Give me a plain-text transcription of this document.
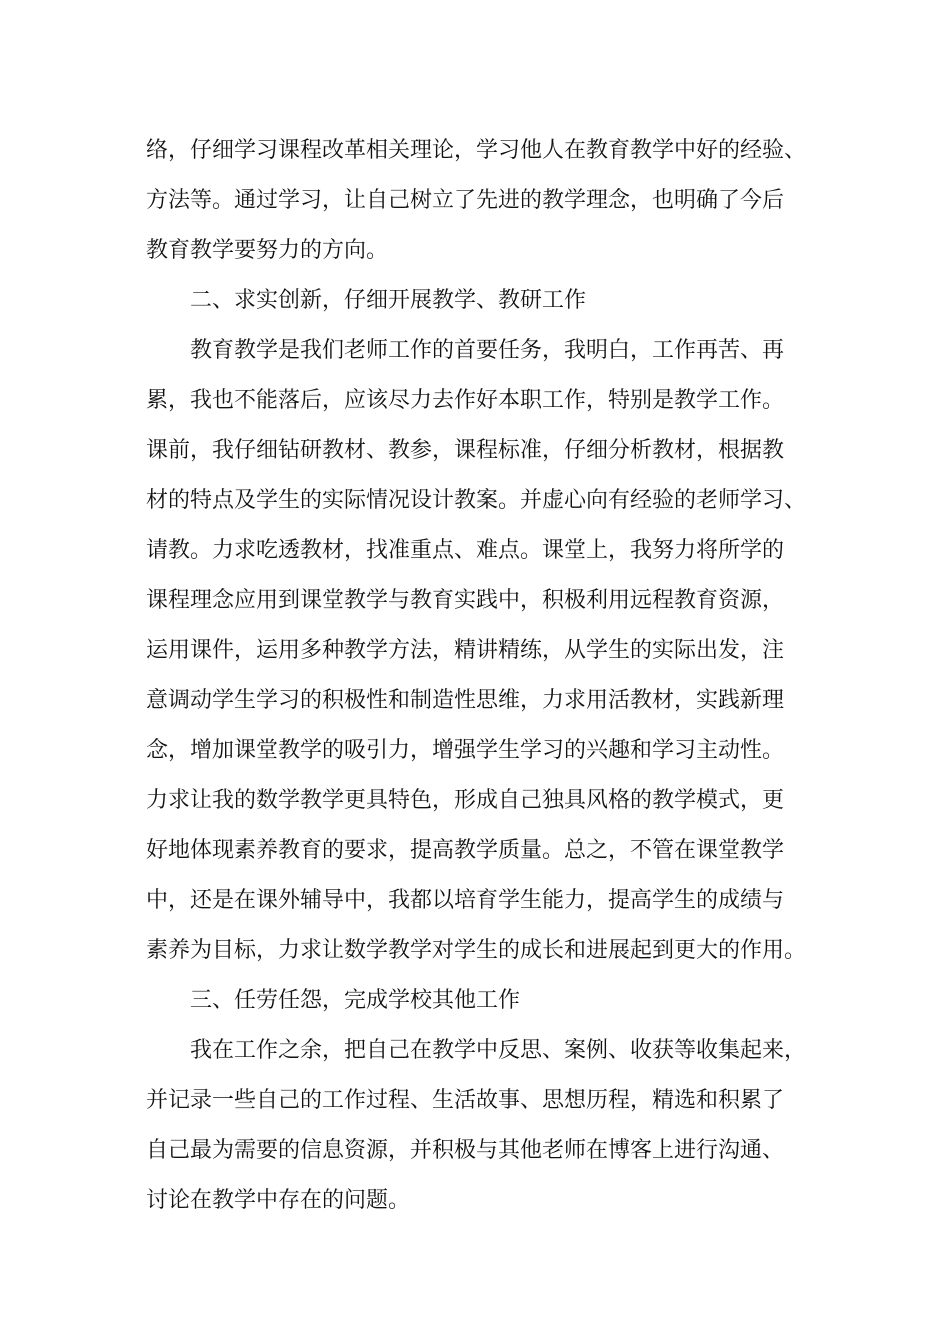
络，仔细学习课程改革相关理论，学习他人在教育教学中好的经验、

方法等。通过学习，让自己树立了先进的教学理念，也明确了今后

教育教学要努力的方向。

二、求实创新，仔细开展教学、教研工作

教育教学是我们老师工作的首要任务，我明白，工作再苦、再

累，我也不能落后，应该尽力去作好本职工作，特别是教学工作。

课前，我仔细钻研教材、教参，课程标准，仔细分析教材，根据教

材的特点及学生的实际情况设计教案。并虚心向有经验的老师学习、

请教。力求吃透教材，找准重点、难点。课堂上，我努力将所学的

课程理念应用到课堂教学与教育实践中，积极利用远程教育资源，

运用课件，运用多种教学方法，精讲精练，从学生的实际出发，注

意调动学生学习的积极性和制造性思维，力求用活教材，实践新理

念，增加课堂教学的吸引力，增强学生学习的兴趣和学习主动性。

力求让我的数学教学更具特色，形成自己独具风格的教学模式，更

好地体现素养教育的要求，提高教学质量。总之，不管在课堂教学

中，还是在课外辅导中，我都以培育学生能力，提高学生的成绩与

素养为目标，力求让数学教学对学生的成长和进展起到更大的作用。

三、任劳任怨，完成学校其他工作

我在工作之余，把自己在教学中反思、案例、收获等收集起来，

并记录一些自己的工作过程、生活故事、思想历程，精选和积累了

自己最为需要的信息资源，并积极与其他老师在博客上进行沟通、

讨论在教学中存在的问题。
